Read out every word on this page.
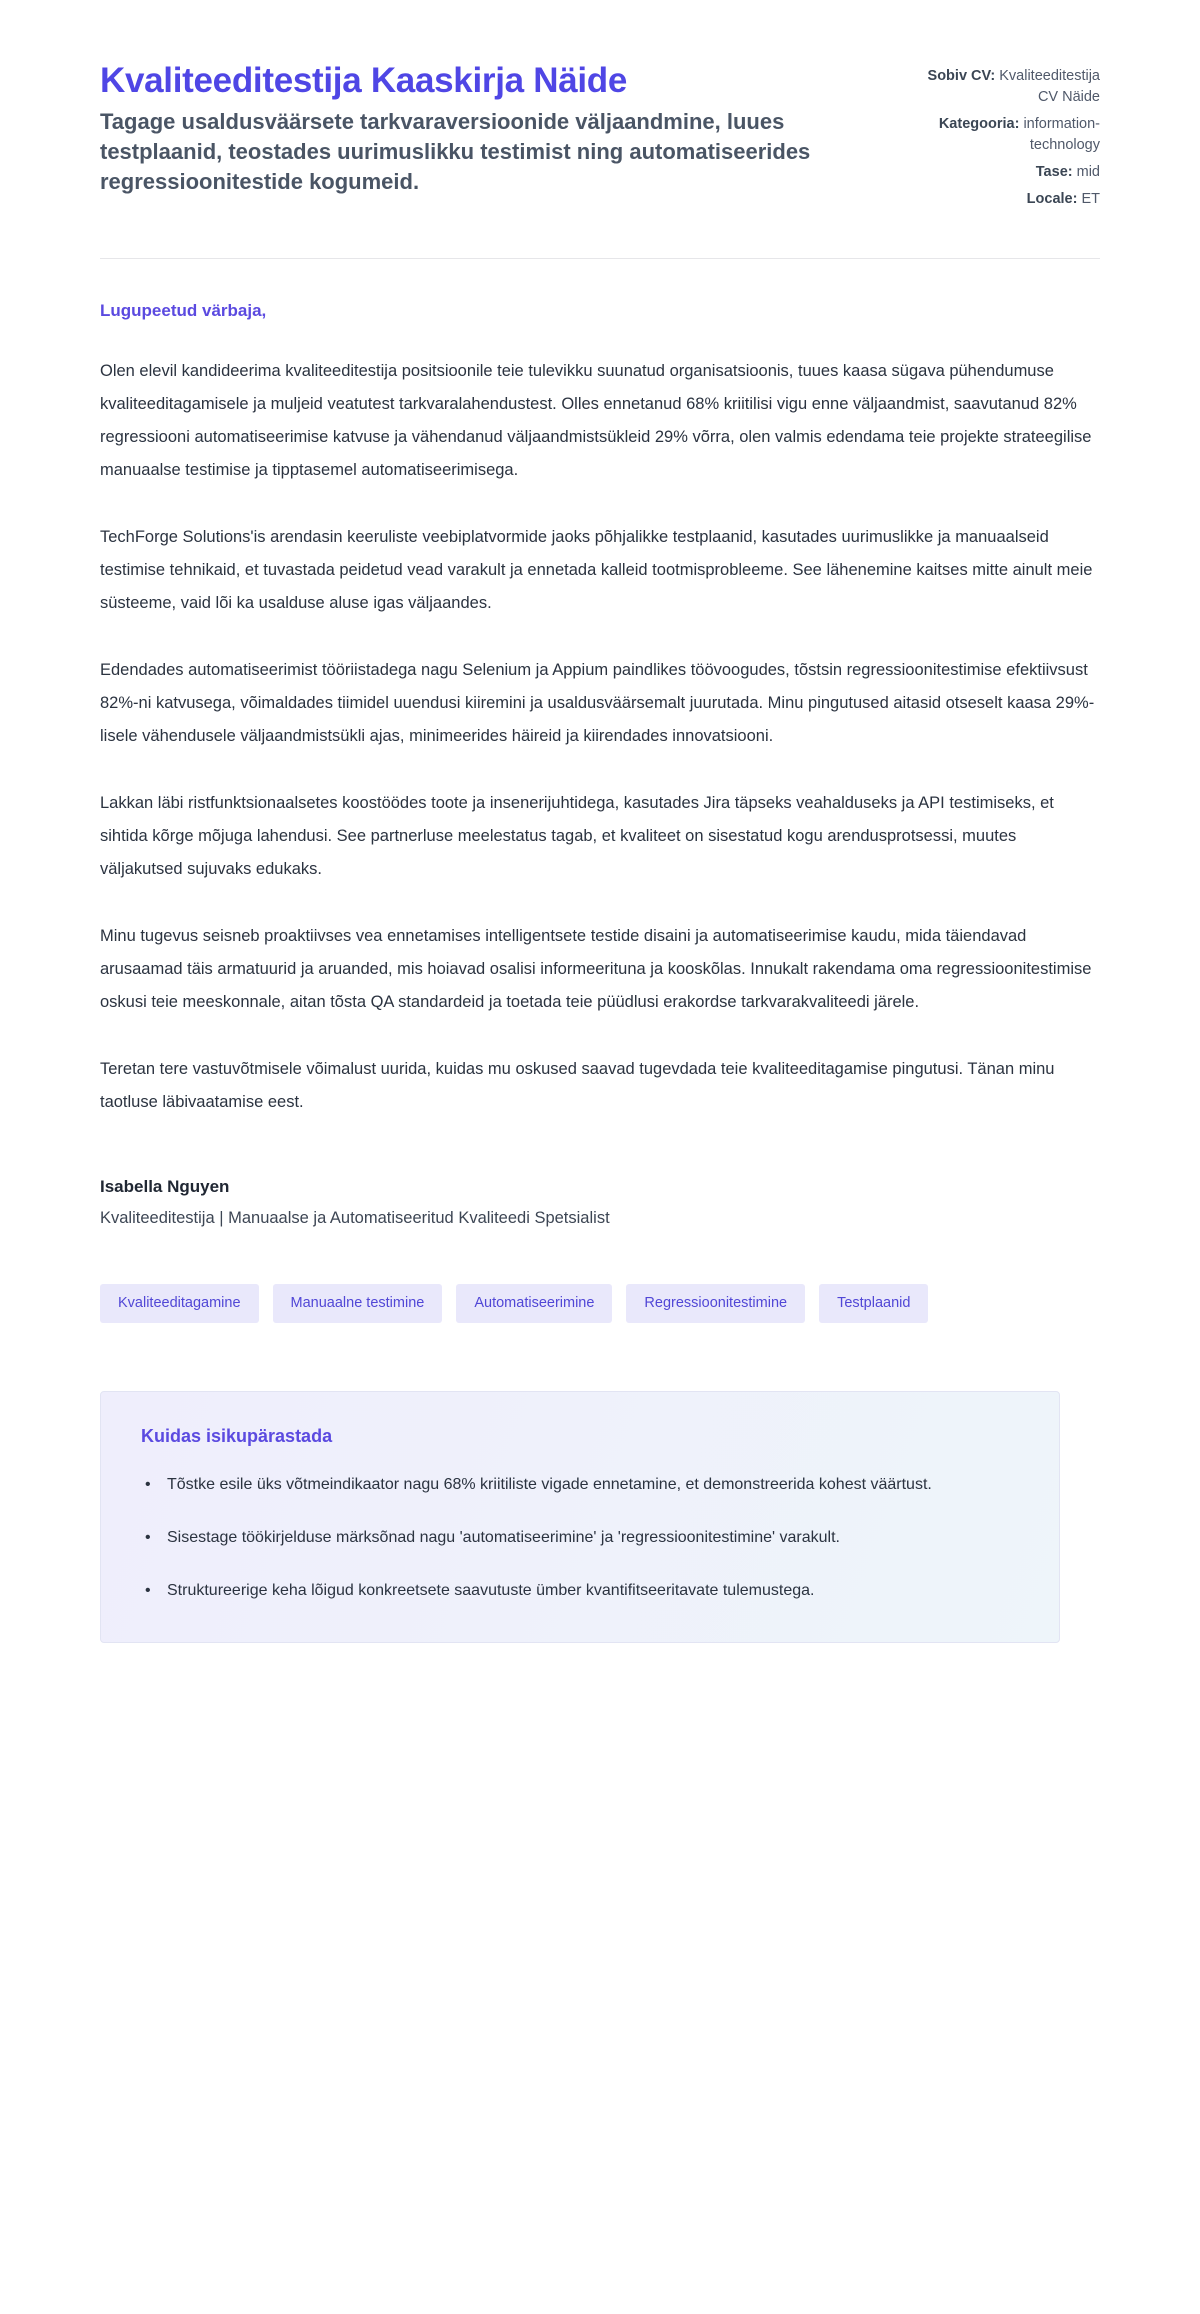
Kvaliteeditestija Kaaskirja Näide

Tagage usaldusväärsete tarkvaraversioonide väljaandmine, luues testplaanid, teostades uurimuslikku testimist ning automatiseerides regressioonitestide kogumeid.

Sobiv CV: Kvaliteeditestija CV Näide
Kategooria: information-technology
Tase: mid
Locale: ET

Lugupeetud värbaja,

Olen elevil kandideerima kvaliteeditestija positsioonile teie tulevikku suunatud organisatsioonis, tuues kaasa sügava pühendumuse kvaliteeditagamisele ja muljeid veatutest tarkvaralahendustest. Olles ennetanud 68% kriitilisi vigu enne väljaandmist, saavutanud 82% regressiooni automatiseerimise katvuse ja vähendanud väljaandmistsükleid 29% võrra, olen valmis edendama teie projekte strateegilise manuaalse testimise ja tipptasemel automatiseerimisega.

TechForge Solutions'is arendasin keeruliste veebiplatvormide jaoks põhjalikke testplaanid, kasutades uurimuslikke ja manuaalseid testimise tehnikaid, et tuvastada peidetud vead varakult ja ennetada kalleid tootmisprobleeme. See lähenemine kaitses mitte ainult meie süsteeme, vaid lõi ka usalduse aluse igas väljaandes.

Edendades automatiseerimist tööriistadega nagu Selenium ja Appium paindlikes töövoogudes, tõstsin regressioonitestimise efektiivsust 82%-ni katvusega, võimaldades tiimidel uuendusi kiiremini ja usaldusväärsemalt juurutada. Minu pingutused aitasid otseselt kaasa 29%-lisele vähendusele väljaandmistsükli ajas, minimeerides häireid ja kiirendades innovatsiooni.

Lakkan läbi ristfunktsionaalsetes koostöödes toote ja insenerijuhtidega, kasutades Jira täpseks veahalduseks ja API testimiseks, et sihtida kõrge mõjuga lahendusi. See partnerluse meelestatus tagab, et kvaliteet on sisestatud kogu arendusprotsessi, muutes väljakutsed sujuvaks edukaks.

Minu tugevus seisneb proaktiivses vea ennetamises intelligentsete testide disaini ja automatiseerimise kaudu, mida täiendavad arusaamad täis armatuurid ja aruanded, mis hoiavad osalisi informeerituna ja kooskõlas. Innukalt rakendama oma regressioonitestimise oskusi teie meeskonnale, aitan tõsta QA standardeid ja toetada teie püüdlusi erakordse tarkvarakvaliteedi järele.

Teretan tere vastuvõtmisele võimalust uurida, kuidas mu oskused saavad tugevdada teie kvaliteeditagamise pingutusi. Tänan minu taotluse läbivaatamise eest.

Isabella Nguyen

Kvaliteeditestija | Manuaalse ja Automatiseeritud Kvaliteedi Spetsialist

Kvaliteeditagamine	Manuaalne testimine	Automatiseerimine	Regressioonitestimine	Testplaanid
Kuidas isikupärastada
• Tõstke esile üks võtmeindikaator nagu 68% kriitiliste vigade ennetamine, et demonstreerida kohest väärtust.
• Sisestage töökirjelduse märksõnad nagu 'automatiseerimine' ja 'regressioonitestimine' varakult.
• Struktureerige keha lõigud konkreetsete saavutuste ümber kvantifitseeritavate tulemustega.
